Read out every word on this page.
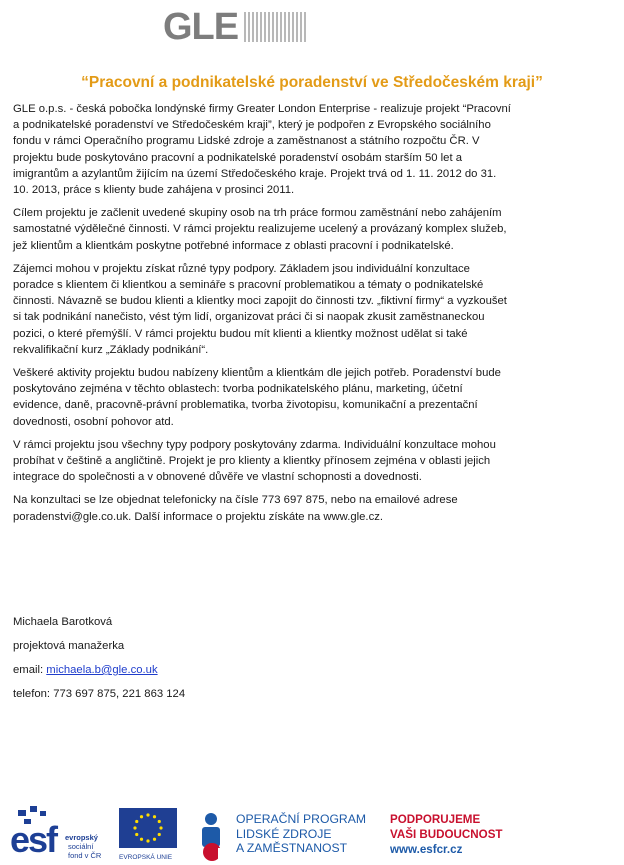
GLE
“Pracovní a podnikatelské poradenství ve Středočeském kraji”

GLE o.p.s. - česká pobočka londýnské firmy Greater London Enterprise - realizuje projekt “Pracovní a podnikatelské poradenství ve Středočeském kraji”, který je podpořen z Evropského sociálního fondu v rámci Operačního programu Lidské zdroje a zaměstnanost a státního rozpočtu ČR. V projektu bude poskytováno pracovní a podnikatelské poradenství osobám starším 50 let a imigrantům a azylantům žijícím na území Středočeského kraje. Projekt trvá od 1. 11. 2012 do 31. 10. 2013, práce s klienty bude zahájena v prosinci 2011.

Cílem projektu je začlenit uvedené skupiny osob na trh práce formou zaměstnání nebo zahájením samostatné výdělečné činnosti. V rámci projektu realizujeme ucelený a provázaný komplex služeb, jež klientům a klientkám poskytne potřebné informace z oblasti pracovní i podnikatelské.

Zájemci mohou v projektu získat různé typy podpory. Základem jsou individuální konzultace poradce s klientem či klientkou a semináře s pracovní problematikou a tématy o podnikatelské činnosti. Návazně se budou klienti a klientky moci zapojit do činnosti tzv. „fiktivní firmy“ a vyzkoušet si tak podnikání nanečisto, vést tým lidí, organizovat práci či si naopak zkusit zaměstnaneckou pozici, o které přemýšlí. V rámci projektu budou mít klienti a klientky možnost udělat si také rekvalifikační kurz „Základy podnikání“.

Veškeré aktivity projektu budou nabízeny klientům a klientkám dle jejich potřeb. Poradenství bude poskytováno zejména v těchto oblastech: tvorba podnikatelského plánu, marketing, účetní evidence, daně, pracovně-právní problematika, tvorba životopisu, komunikační a prezentační dovednosti, osobní pohovor atd.

V rámci projektu jsou všechny typy podpory poskytovány zdarma. Individuální konzultace mohou probíhat v češtině a angličtině. Projekt je pro klienty a klientky přínosem zejména v oblasti jejich integrace do společnosti a v obnovené důvěře ve vlastní schopnosti a dovednosti.

Na konzultaci se lze objednat telefonicky na čísle 773 697 875, nebo na emailové adrese poradenstvi@gle.co.uk. Další informace o projektu získáte na www.gle.cz.

Michaela Barotková
projektová manažerka
email: michaela.b@gle.co.uk
telefon: 773 697 875, 221 863 124
esf	evropský
sociální
fond v ČR	EVROPSKÁ UNIE
OPERAČNÍ PROGRAM
LIDSKÉ ZDROJE
A ZAMĚSTNANOST
PODPORUJEME
VAŠI BUDOUCNOST
www.esfcr.cz
